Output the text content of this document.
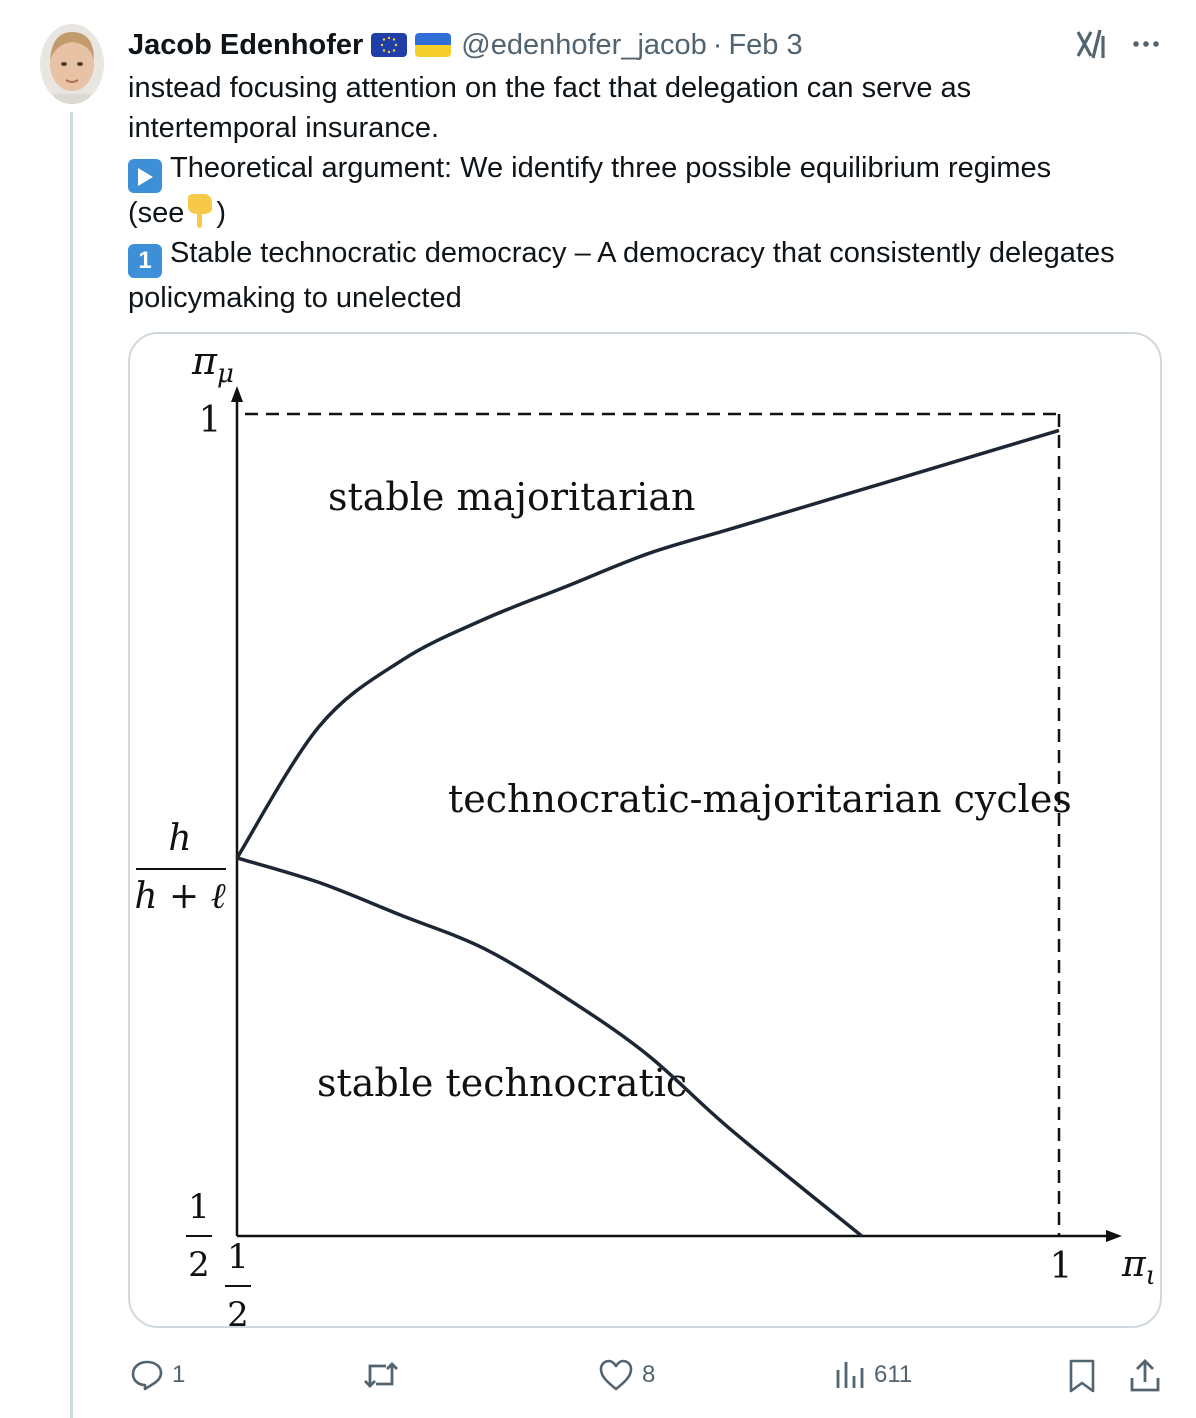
Jacob Edenhofer	@edenhofer_jacob · Feb 3

instead focusing attention on the fact that delegation can serve as intertemporal insurance.

Theoretical argument: We identify three possible equilibrium regimes
(see )

1 Stable technocratic democracy – A democracy that consistently delegates policymaking to unelected

$\pi_\mu$
$\pi_\iota$
1
h
h + ℓ
1
2 1
2
1
stable majoritarian
technocratic-majoritarian cycles
stable technocratic
1	8	611
